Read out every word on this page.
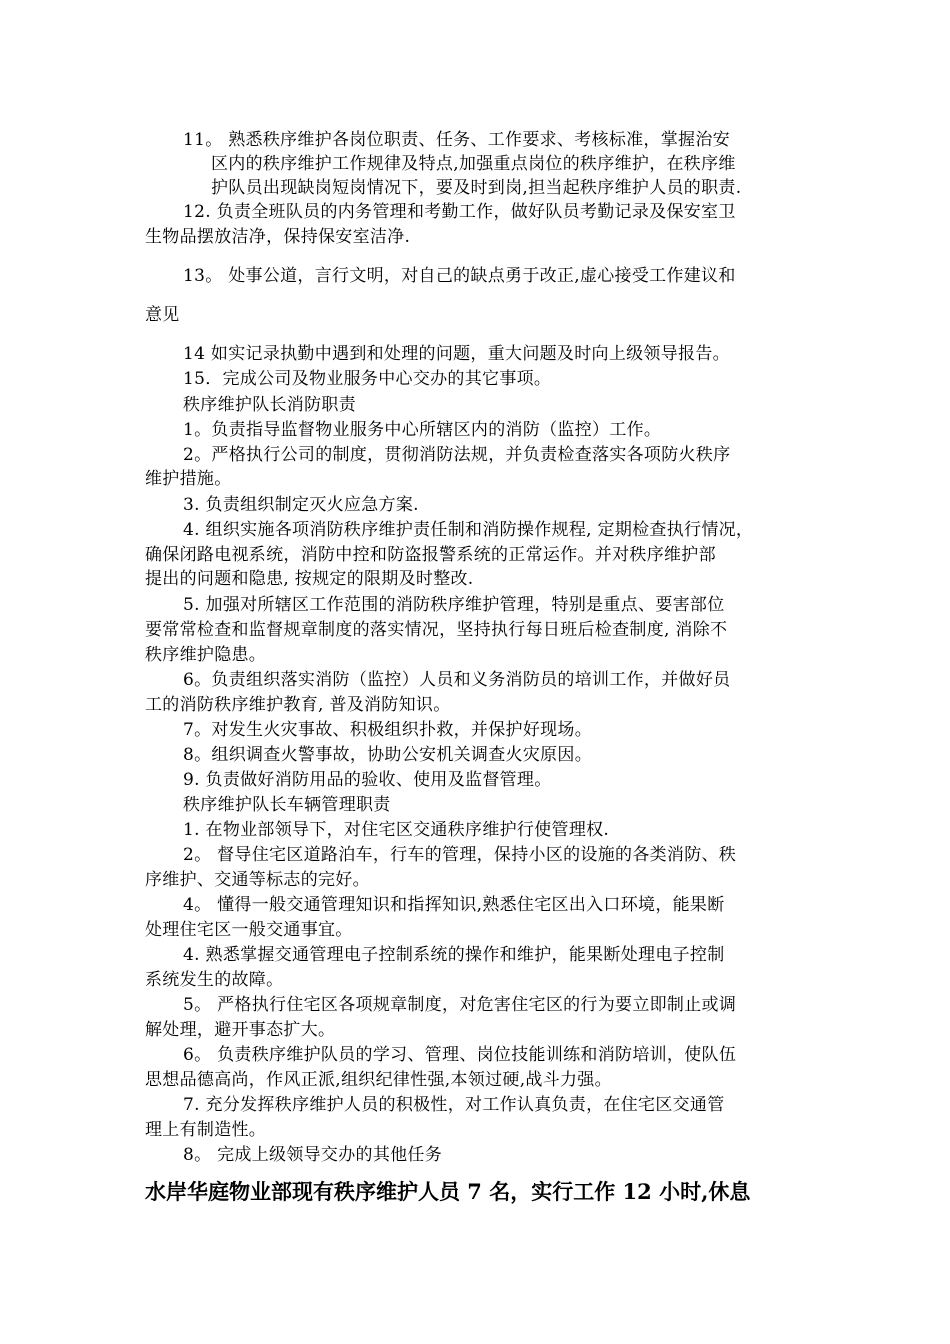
11。 熟悉秩序维护各岗位职责、任务、工作要求、考核标准，掌握治安
区内的秩序维护工作规律及特点,加强重点岗位的秩序维护，在秩序维
护队员出现缺岗短岗情况下，要及时到岗,担当起秩序维护人员的职责.
12. 负责全班队员的内务管理和考勤工作，做好队员考勤记录及保安室卫
生物品摆放洁净，保持保安室洁净.
13。 处事公道，言行文明，对自己的缺点勇于改正,虚心接受工作建议和
意见
14 如实记录执勤中遇到和处理的问题，重大问题及时向上级领导报告。
15．完成公司及物业服务中心交办的其它事项。
秩序维护队长消防职责
1。负责指导监督物业服务中心所辖区内的消防（监控）工作。
2。严格执行公司的制度，贯彻消防法规，并负责检查落实各项防火秩序
维护措施。
3. 负责组织制定灭火应急方案.
4. 组织实施各项消防秩序维护责任制和消防操作规程, 定期检查执行情况，
确保闭路电视系统，消防中控和防盗报警系统的正常运作。并对秩序维护部
提出的问题和隐患, 按规定的限期及时整改.
5. 加强对所辖区工作范围的消防秩序维护管理，特别是重点、要害部位
要常常检查和监督规章制度的落实情况，坚持执行每日班后检查制度, 消除不
秩序维护隐患。
6。负责组织落实消防（监控）人员和义务消防员的培训工作，并做好员
工的消防秩序维护教育, 普及消防知识。
7。对发生火灾事故、积极组织扑救，并保护好现场。
8。组织调查火警事故，协助公安机关调查火灾原因。
9. 负责做好消防用品的验收、使用及监督管理。
秩序维护队长车辆管理职责
1. 在物业部领导下，对住宅区交通秩序维护行使管理权.
2。 督导住宅区道路泊车，行车的管理，保持小区的设施的各类消防、秩
序维护、交通等标志的完好。
4。 懂得一般交通管理知识和指挥知识,熟悉住宅区出入口环境，能果断
处理住宅区一般交通事宜。
4. 熟悉掌握交通管理电子控制系统的操作和维护，能果断处理电子控制
系统发生的故障。
5。 严格执行住宅区各项规章制度，对危害住宅区的行为要立即制止或调
解处理，避开事态扩大。
6。 负责秩序维护队员的学习、管理、岗位技能训练和消防培训，使队伍
思想品德高尚，作风正派,组织纪律性强,本领过硬,战斗力强。
7. 充分发挥秩序维护人员的积极性，对工作认真负责，在住宅区交通管
理上有制造性。
8。 完成上级领导交办的其他任务
水岸华庭物业部现有秩序维护人员 7 名，实行工作 12 小时,休息
